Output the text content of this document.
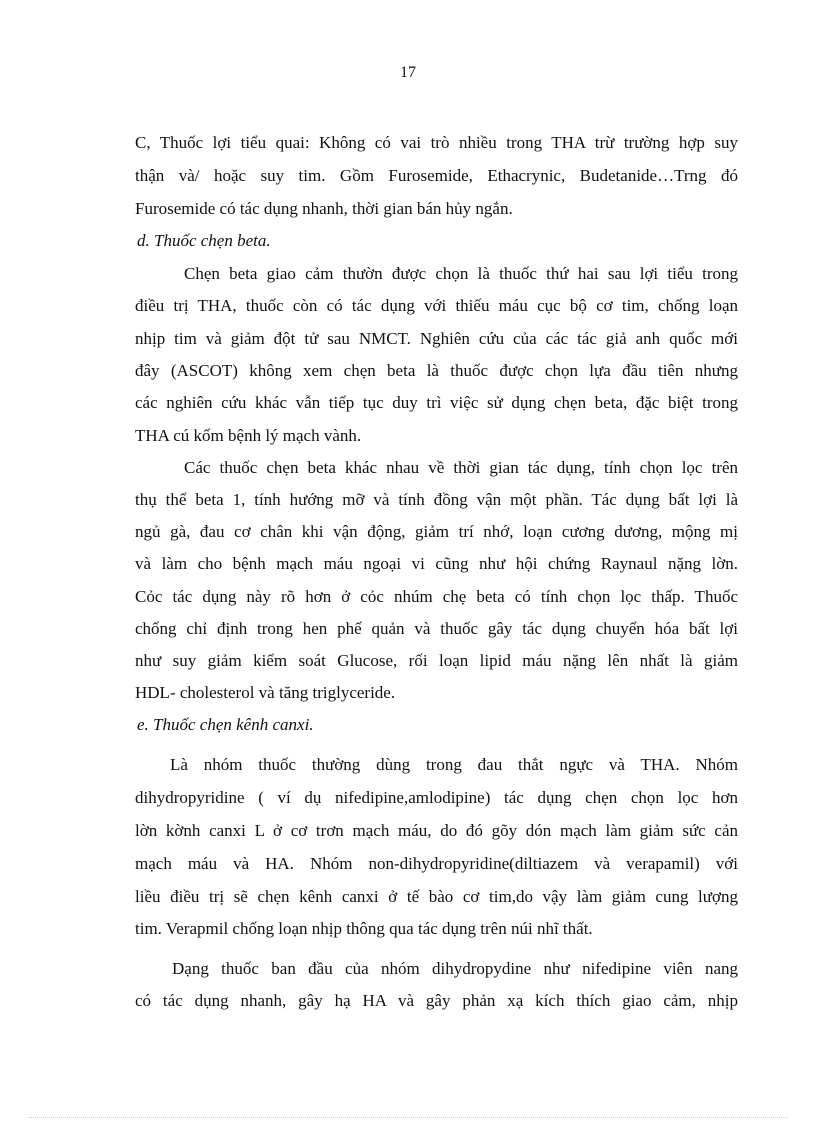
17
C, Thuốc lợi tiểu quai: Không có vai trò nhiều trong THA trừ trường hợp suy
thận và/ hoặc suy tim. Gồm Furosemide, Ethacrynic, Budetanide…Trng đó
Furosemide có tác dụng nhanh, thời gian bán hủy ngắn.
d. Thuốc chẹn beta.
Chẹn beta giao cảm thườn được chọn là thuốc thứ hai sau lợi tiểu trong
điều trị THA, thuốc còn có tác dụng với thiếu máu cục bộ cơ tim, chống loạn
nhịp tim và giảm đột tử sau NMCT. Nghiên cứu của các tác giả anh quốc mới
đây (ASCOT) không xem chẹn beta là thuốc được chọn lựa đầu tiên nhưng
các nghiên cứu khác vẫn tiếp tục duy trì việc sử dụng chẹn beta, đặc biệt trong
THA cú kốm bệnh lý mạch vành.
Các thuốc chẹn beta khác nhau về thời gian tác dụng, tính chọn lọc trên
thụ thể beta 1, tính hướng mỡ và tính đồng vận một phần. Tác dụng bất lợi là
ngủ gà, đau cơ chân khi vận động, giảm trí nhớ, loạn cương dương, mộng mị
và làm cho bệnh mạch máu ngoại vi cũng như hội chứng Raynaul nặng lờn.
Cỏc tác dụng này rõ hơn ở cỏc nhúm chẹ beta có tính chọn lọc thấp. Thuốc
chống chỉ định trong hen phế quản và thuốc gây tác dụng chuyển hóa bất lợi
như suy giảm kiểm soát Glucose, rối loạn lipid máu nặng lên nhất là giảm
HDL- cholesterol và tăng triglyceride.
e. Thuốc chẹn kênh canxi.
Là nhóm thuốc thường dùng trong đau thắt ngực và THA. Nhóm
dihydropyridine ( ví dụ nifedipine,amlodipine) tác dụng chẹn chọn lọc hơn
lờn kờnh canxi L ở cơ trơn mạch máu, do đó gõy dón mạch làm giảm sức cản
mạch máu và HA. Nhóm non-dihydropyridine(diltiazem và verapamil) với
liều điều trị sẽ chẹn kênh canxi ở tế bào cơ tim,do vậy làm giảm cung lượng
tim. Verapmil chống loạn nhịp thông qua tác dụng trên núi nhĩ thất.
Dạng thuốc ban đầu của nhóm dihydropydine như nifedipine viên nang
có tác dụng nhanh, gây hạ HA và gây phản xạ kích thích giao cảm, nhịp
